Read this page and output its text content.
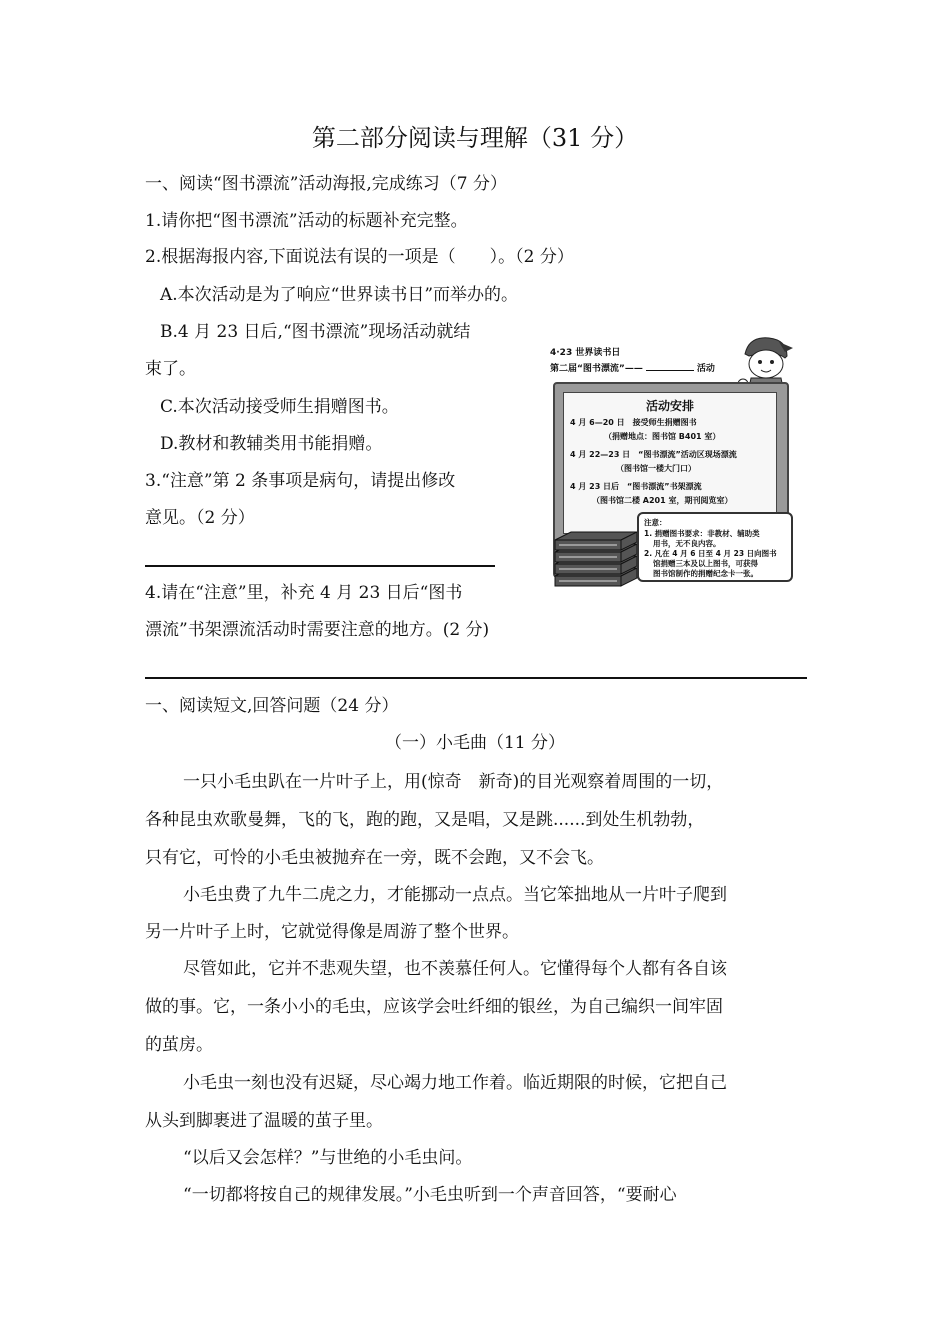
第二部分阅读与理解（31 分）
一、阅读“图书漂流”活动海报,完成练习（7 分）
1.请你把“图书漂流”活动的标题补充完整。
2.根据海报内容,下面说法有误的一项是（　　）。（2 分）
A.本次活动是为了响应“世界读书日”而举办的。
B.4 月 23 日后,“图书漂流”现场活动就结
束了。
C.本次活动接受师生捐赠图书。
D.教材和教辅类用书能捐赠。
3.“注意”第 2 条事项是病句，请提出修改
意见。（2 分）
4.请在“注意”里，补充 4 月 23 日后“图书
漂流”书架漂流活动时需要注意的地方。(2 分)
4·23 世界读书日
第二届“图书漂流”——	活动
活动安排
4 月 6—20 日　接受师生捐赠图书
（捐赠地点：图书馆 B401 室）
4 月 22—23 日　“图书漂流”活动区现场漂流
（图书馆一楼大门口）
4 月 23 日后　“图书漂流”书架漂流
（图书馆二楼 A201 室，期刊阅览室）
注意：
1. 捐赠图书要求：非教材、辅助类
用书，无不良内容。
2. 凡在 4 月 6 日至 4 月 23 日向图书
馆捐赠三本及以上图书，可获得
图书馆制作的捐赠纪念卡一张。
一、阅读短文,回答问题（24 分）
（一）小毛曲（11 分）
一只小毛虫趴在一片叶子上，用(惊奇　新奇)的目光观察着周围的一切，
各种昆虫欢歌曼舞，飞的飞，跑的跑，又是唱，又是跳......到处生机勃勃，
只有它，可怜的小毛虫被抛弃在一旁，既不会跑，又不会飞。
小毛虫费了九牛二虎之力，才能挪动一点点。当它笨拙地从一片叶子爬到
另一片叶子上时，它就觉得像是周游了整个世界。
尽管如此，它并不悲观失望，也不羡慕任何人。它懂得每个人都有各自该
做的事。它，一条小小的毛虫，应该学会吐纤细的银丝，为自己编织一间牢固
的茧房。
小毛虫一刻也没有迟疑，尽心竭力地工作着。临近期限的时候，它把自己
从头到脚裹进了温暖的茧子里。
“以后又会怎样？”与世绝的小毛虫问。
“一切都将按自己的规律发展。”小毛虫听到一个声音回答，“要耐心
